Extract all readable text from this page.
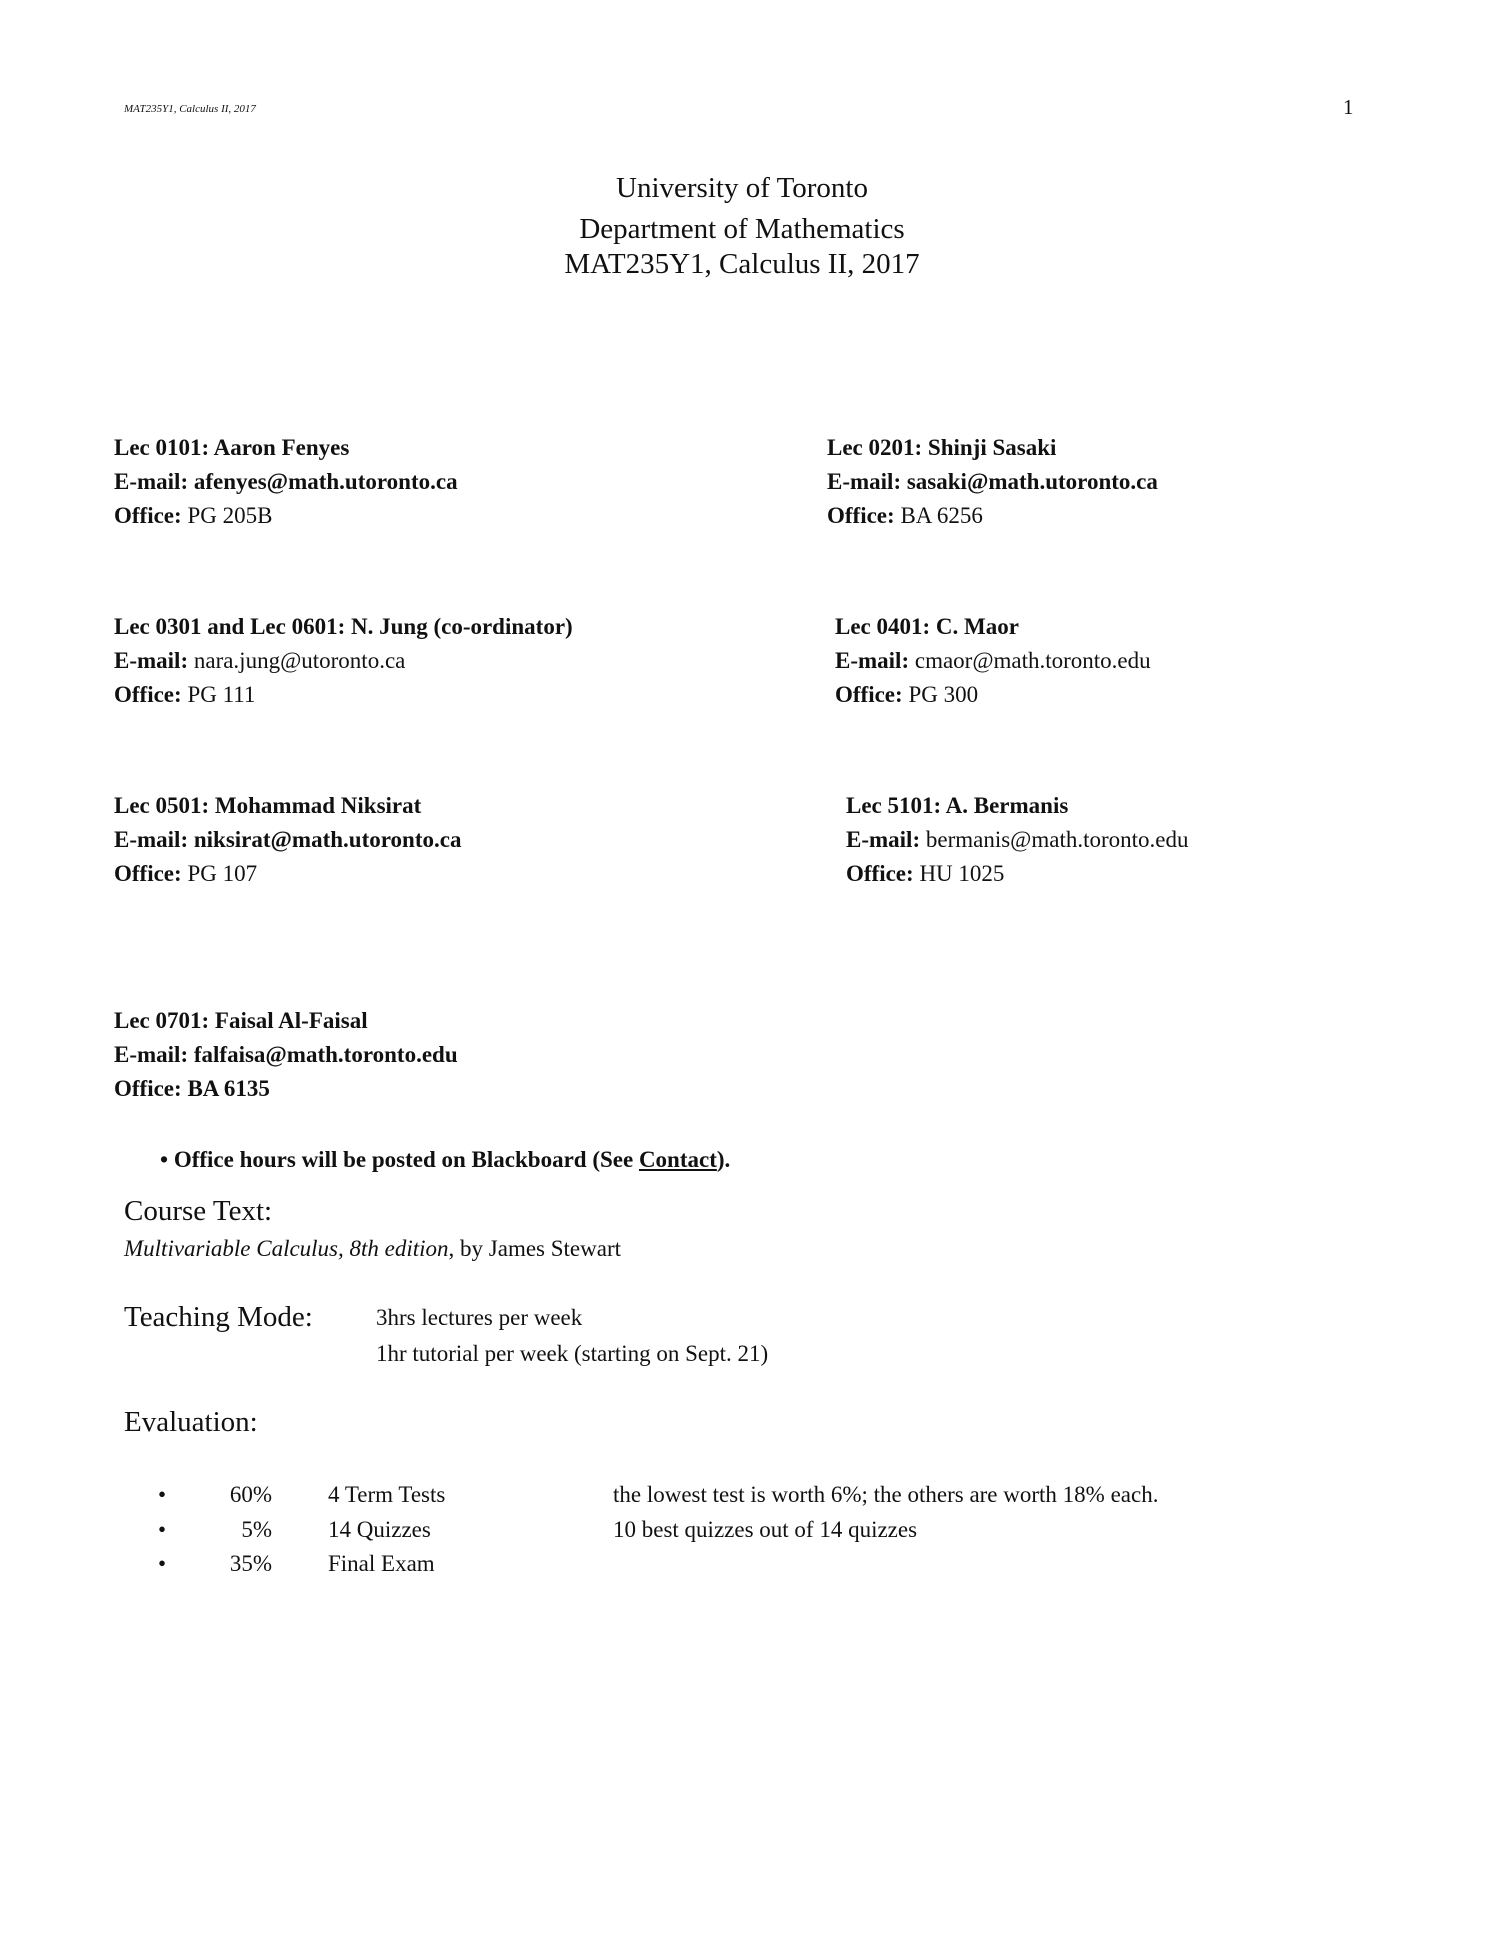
MAT235Y1, Calculus II, 2017	1
University of Toronto
Department of Mathematics
MAT235Y1, Calculus II, 2017
Lec 0101: Aaron Fenyes
E-mail: afenyes@math.utoronto.ca
Office: PG 205B
Lec 0201: Shinji Sasaki
E-mail: sasaki@math.utoronto.ca
Office: BA 6256
Lec 0301 and Lec 0601: N. Jung (co-ordinator)
E-mail: nara.jung@utoronto.ca
Office: PG 111
Lec 0401: C. Maor
E-mail: cmaor@math.toronto.edu
Office: PG 300
Lec 0501: Mohammad Niksirat
E-mail: niksirat@math.utoronto.ca
Office: PG 107
Lec 5101: A. Bermanis
E-mail: bermanis@math.toronto.edu
Office: HU 1025
Lec 0701: Faisal Al-Faisal
E-mail: falfaisa@math.toronto.edu
Office: BA 6135
• Office hours will be posted on Blackboard (See Contact).
Course Text:
Multivariable Calculus, 8th edition, by James Stewart
Teaching Mode:	3hrs lectures per week
1hr tutorial per week (starting on Sept. 21)
Evaluation:
•	60% 4 Term Tests	the lowest test is worth 6%; the others are worth 18% each.
•	5% 14 Quizzes	10 best quizzes out of 14 quizzes
•	35% Final Exam
